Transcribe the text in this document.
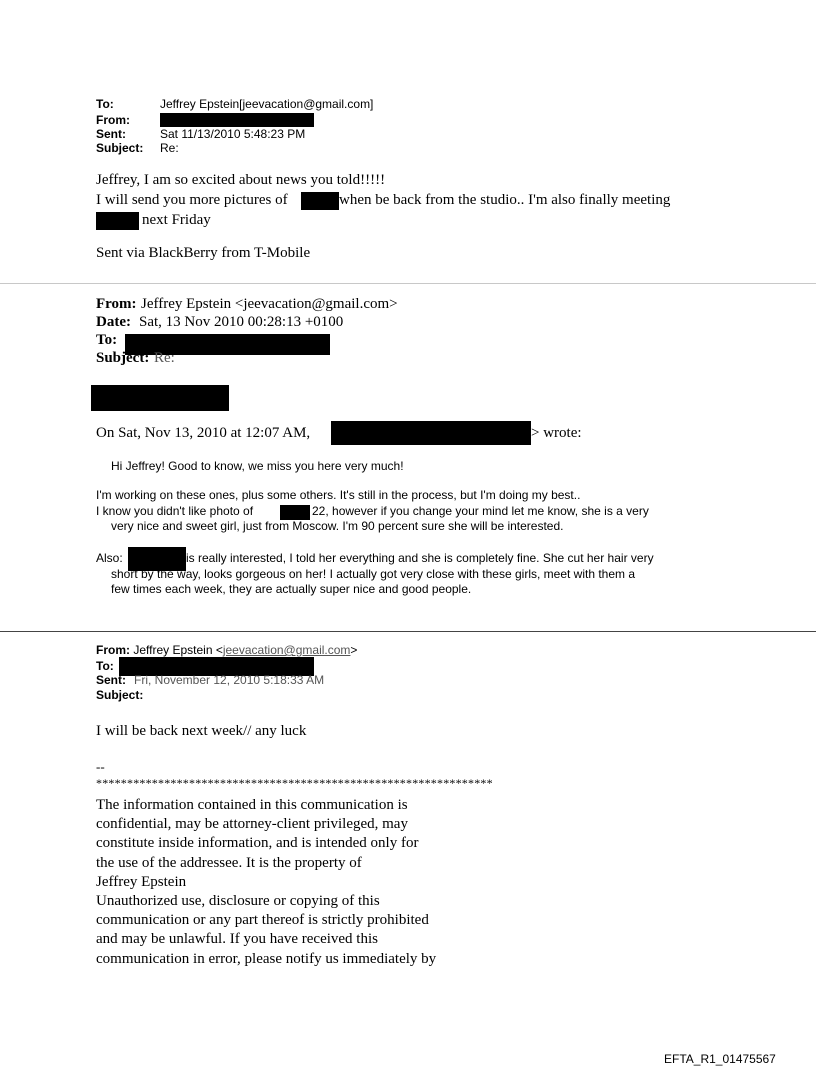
To:	Jeffrey Epstein[jeevacation@gmail.com]
From:
Sent:	Sat 11/13/2010 5:48:23 PM
Subject: Re:
Jeffrey, I am so excited about news you told!!!!!
I will send you more pictures of	when be back from the studio.. I'm also finally meeting
next Friday
Sent via BlackBerry from T-Mobile
From: Jeffrey Epstein <jeevacation@gmail.com>
Date: Sat, 13 Nov 2010 00:28:13 +0100
To:
Subject: Re:
On Sat, Nov 13, 2010 at 12:07 AM,	> wrote:
Hi Jeffrey! Good to know, we miss you here very much!
I'm working on these ones, plus some others. It's still in the process, but I'm doing my best..
I know you didn't like photo of	22, however if you change your mind let me know, she is a very
very nice and sweet girl, just from Moscow. I'm 90 percent sure she will be interested.
Also:	is really interested, I told her everything and she is completely fine. She cut her hair very
short by the way, looks gorgeous on her! I actually got very close with these girls, meet with them a
few times each week, they are actually super nice and good people.
From: Jeffrey Epstein <jeevacation@gmail.com>
To:
Sent: Fri, November 12, 2010 5:18:33 AM
Subject:
I will be back next week// any luck
--
****************************************************************
The information contained in this communication is
confidential, may be attorney-client privileged, may
constitute inside information, and is intended only for
the use of the addressee. It is the property of
Jeffrey Epstein
Unauthorized use, disclosure or copying of this
communication or any part thereof is strictly prohibited
and may be unlawful. If you have received this
communication in error, please notify us immediately by
EFTA_R1_01475567
